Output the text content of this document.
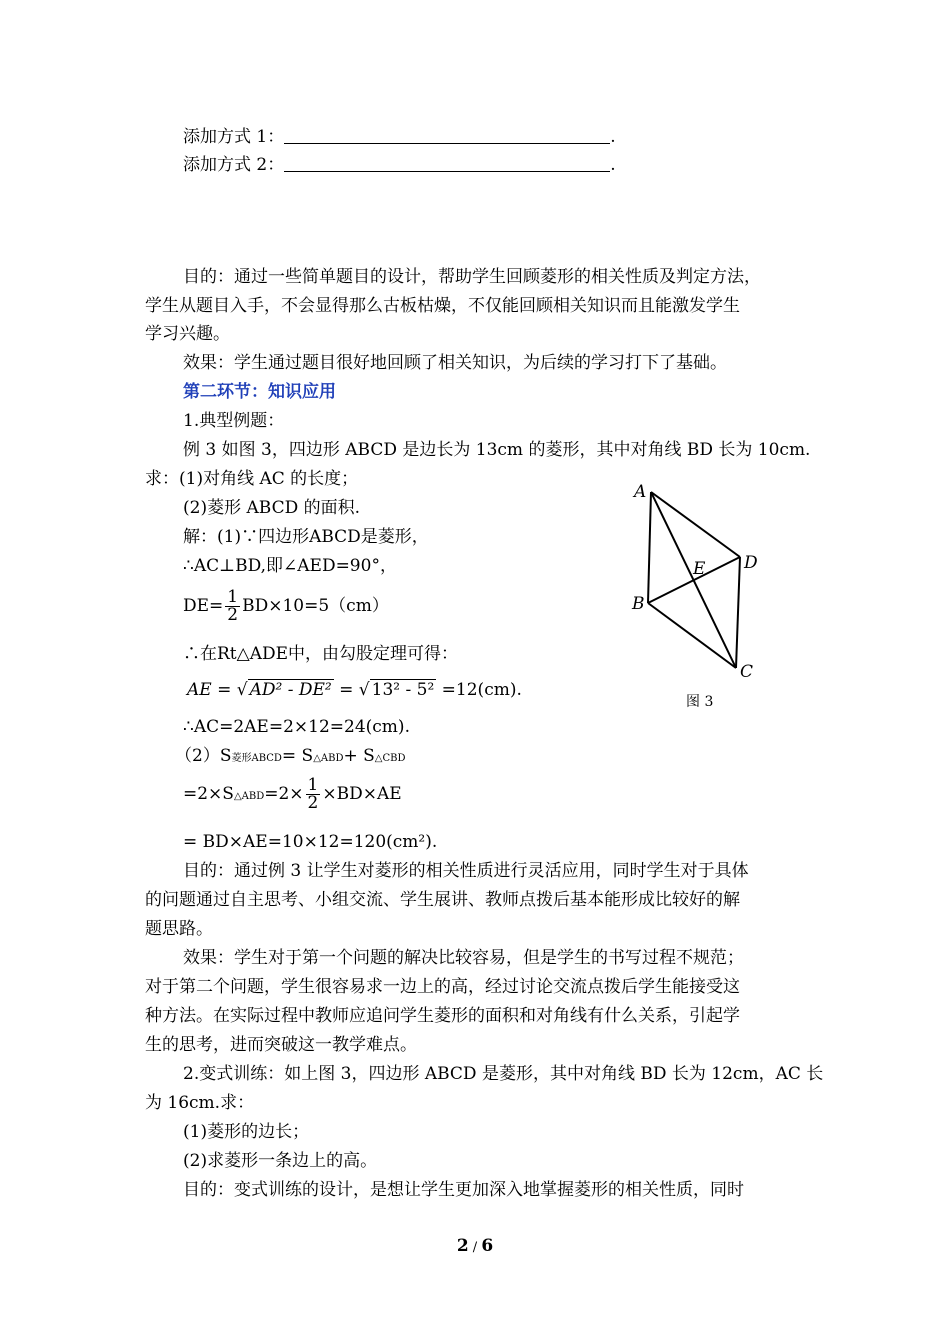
添加方式 1：	.
添加方式 2：	.
目的：通过一些简单题目的设计，帮助学生回顾菱形的相关性质及判定方法，
学生从题目入手，不会显得那么古板枯燥，不仅能回顾相关知识而且能激发学生
学习兴趣。
效果：学生通过题目很好地回顾了相关知识，为后续的学习打下了基础。
第二环节：知识应用
1.典型例题：
例 3 如图 3，四边形 ABCD 是边长为 13cm 的菱形，其中对角线 BD 长为 10cm.
求：(1)对角线 AC 的长度；
(2)菱形 ABCD 的面积.
解：(1)∵四边形ABCD是菱形，
∴AC⊥BD,即∠AED=90°，
$DE= \frac{1}{2} BD\times 10=5(cm)$
∴在Rt△ADE中，由勾股定理可得：
AE = √ AD² - DE² = √ 13² - 5² =12(cm).
∴AC=2AE=2×12=24(cm).
（2）S菱形ABCD= S△ABD+ S△CBD
=2×S△ABD=2× $\frac{1}{2} \times BD\times AE$
= BD×AE=10×12=120(cm²).
目的：通过例 3 让学生对菱形的相关性质进行灵活应用，同时学生对于具体
的问题通过自主思考、小组交流、学生展讲、教师点拨后基本能形成比较好的解
题思路。
效果：学生对于第一个问题的解决比较容易，但是学生的书写过程不规范；
对于第二个问题，学生很容易求一边上的高，经过讨论交流点拨后学生能接受这
种方法。在实际过程中教师应追问学生菱形的面积和对角线有什么关系，引起学
生的思考，进而突破这一教学难点。
2.变式训练：如上图 3，四边形 ABCD 是菱形，其中对角线 BD 长为 12cm，AC 长
为 16cm.求：
(1)菱形的边长；
(2)求菱形一条边上的高。
目的：变式训练的设计，是想让学生更加深入地掌握菱形的相关性质，同时
A
B
C
D
E
图 3
2 / 6
